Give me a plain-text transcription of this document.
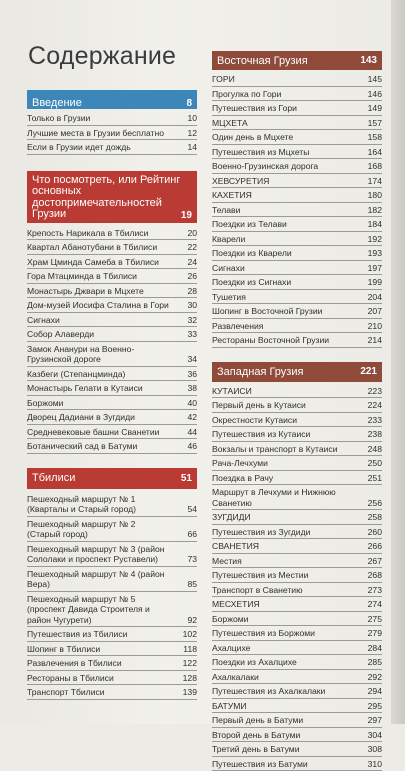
Содержание
Введение	8
Только в Грузии	10
Лучшие места в Грузии бесплатно	12
Если в Грузии идет дождь	14
Что посмотреть, или Рейтинг основных достопримечательностей Грузии	19
Крепость Нарикала в Тбилиси	20
Квартал Абанотубани в Тбилиси	22
Храм Цминда Самеба в Тбилиси	24
Гора Мтацминда в Тбилиси	26
Монастырь Джвари в Мцхете	28
Дом-музей Иосифа Сталина в Гори	30
Сигнахи	32
Собор Алаверди	33
Замок Ананури на Военно-Грузинской дороге	34
Казбеги (Степанцминда)	36
Монастырь Гелати в Кутаиси	38
Боржоми	40
Дворец Дадиани в Зугдиди	42
Средневековые башни Сванетии	44
Ботанический сад в Батуми	46
Тбилиси	51
Пешеходный маршрут № 1 (Кварталы и Старый город)	54
Пешеходный маршрут № 2 (Старый город)	66
Пешеходный маршрут № 3 (район Сололаки и проспект Руставели)	73
Пешеходный маршрут № 4 (район Вера)	85
Пешеходный маршрут № 5 (проспект Давида Строителя и район Чугурети)	92
Путешествия из Тбилиси	102
Шопинг в Тбилиси	118
Развлечения в Тбилиси	122
Рестораны в Тбилиси	128
Транспорт Тбилиси	139
Восточная Грузия	143
ГОРИ	145
Прогулка по Гори	146
Путешествия из Гори	149
МЦХЕТА	157
Один день в Мцхете	158
Путешествия из Мцхеты	164
Военно-Грузинская дорога	168
ХЕВСУРЕТИЯ	174
КАХЕТИЯ	180
Телави	182
Поездки из Телави	184
Кварели	192
Поездки из Кварели	193
Сигнахи	197
Поездки из Сигнахи	199
Тушетия	204
Шопинг в Восточной Грузии	207
Развлечения	210
Рестораны Восточной Грузии	214
Западная Грузия	221
КУТАИСИ	223
Первый день в Кутаиси	224
Окрестности Кутаиси	233
Путешествия из Кутаиси	238
Вокзалы и транспорт в Кутаиси	248
Рача-Лечхуми	250
Поездка в Рачу	251
Маршрут в Лечхуми и Нижнюю Сванетию	256
ЗУГДИДИ	258
Путешествия из Зугдиди	260
СВАНЕТИЯ	266
Местия	267
Путешествия из Местии	268
Транспорт в Сванетию	273
МЕСХЕТИЯ	274
Боржоми	275
Путешествия из Боржоми	279
Ахалцихе	284
Поездки из Ахалцихе	285
Ахалкалаки	292
Путешествия из Ахалкалаки	294
БАТУМИ	295
Первый день в Батуми	297
Второй день в Батуми	304
Третий день в Батуми	308
Путешествия из Батуми	310
